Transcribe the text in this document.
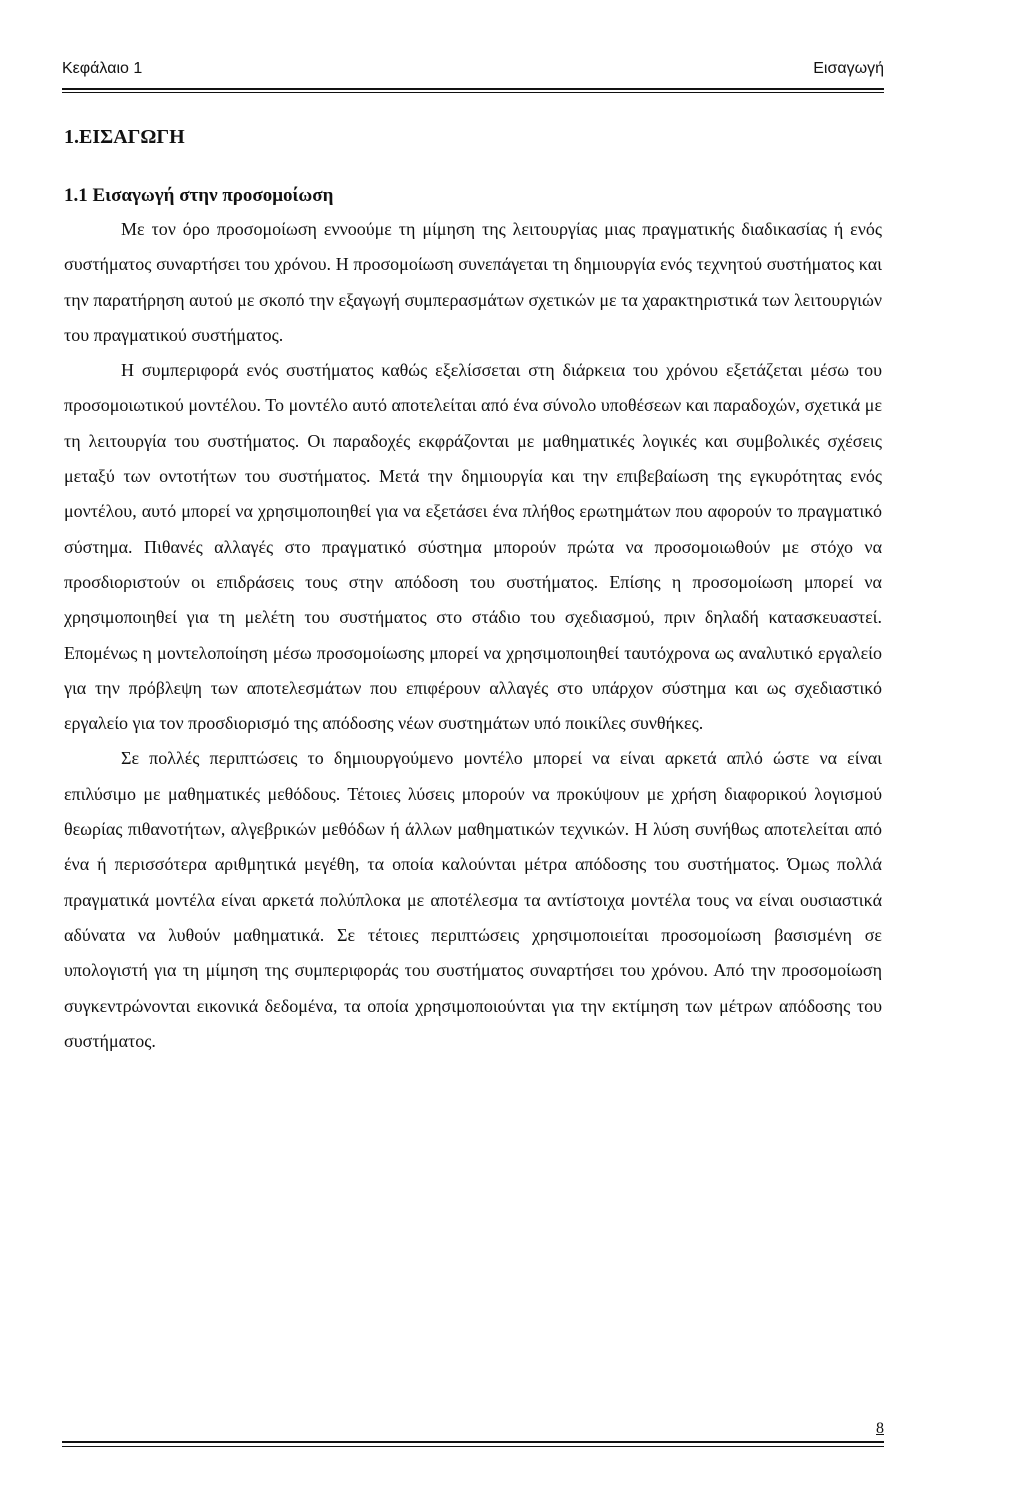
Κεφάλαιο 1	Εισαγωγή
1.ΕΙΣΑΓΩΓΗ
1.1 Εισαγωγή στην προσομοίωση

Με τον όρο προσομοίωση εννοούμε τη μίμηση της λειτουργίας μιας πραγματικής διαδικασίας ή ενός συστήματος συναρτήσει του χρόνου. Η προσομοίωση συνεπάγεται τη δημιουργία ενός τεχνητού συστήματος και την παρατήρηση αυτού με σκοπό την εξαγωγή συμπερασμάτων σχετικών με τα χαρακτηριστικά των λειτουργιών του πραγματικού συστήματος.

Η συμπεριφορά ενός συστήματος καθώς εξελίσσεται στη διάρκεια του χρόνου εξετάζεται μέσω του προσομοιωτικού μοντέλου. Το μοντέλο αυτό αποτελείται από ένα σύνολο υποθέσεων και παραδοχών, σχετικά με τη λειτουργία του συστήματος. Οι παραδοχές εκφράζονται με μαθηματικές λογικές και συμβολικές σχέσεις μεταξύ των οντοτήτων του συστήματος. Μετά την δημιουργία και την επιβεβαίωση της εγκυρότητας ενός μοντέλου, αυτό μπορεί να χρησιμοποιηθεί για να εξετάσει ένα πλήθος ερωτημάτων που αφορούν το πραγματικό σύστημα. Πιθανές αλλαγές στο πραγματικό σύστημα μπορούν πρώτα να προσομοιωθούν με στόχο να προσδιοριστούν οι επιδράσεις τους στην απόδοση του συστήματος. Επίσης η προσομοίωση μπορεί να χρησιμοποιηθεί για τη μελέτη του συστήματος στο στάδιο του σχεδιασμού, πριν δηλαδή κατασκευαστεί. Επομένως η μοντελοποίηση μέσω προσομοίωσης μπορεί να χρησιμοποιηθεί ταυτόχρονα ως αναλυτικό εργαλείο για την πρόβλεψη των αποτελεσμάτων που επιφέρουν αλλαγές στο υπάρχον σύστημα και ως σχεδιαστικό εργαλείο για τον προσδιορισμό της απόδοσης νέων συστημάτων υπό ποικίλες συνθήκες.

Σε πολλές περιπτώσεις το δημιουργούμενο μοντέλο μπορεί να είναι αρκετά απλό ώστε να είναι επιλύσιμο με μαθηματικές μεθόδους. Τέτοιες λύσεις μπορούν να προκύψουν με χρήση διαφορικού λογισμού θεωρίας πιθανοτήτων, αλγεβρικών μεθόδων ή άλλων μαθηματικών τεχνικών. Η λύση συνήθως αποτελείται από ένα ή περισσότερα αριθμητικά μεγέθη, τα οποία καλούνται μέτρα απόδοσης του συστήματος. Όμως πολλά πραγματικά μοντέλα είναι αρκετά πολύπλοκα με αποτέλεσμα τα αντίστοιχα μοντέλα τους να είναι ουσιαστικά αδύνατα να λυθούν μαθηματικά. Σε τέτοιες περιπτώσεις χρησιμοποιείται προσομοίωση βασισμένη σε υπολογιστή για τη μίμηση της συμπεριφοράς του συστήματος συναρτήσει του χρόνου. Από την προσομοίωση συγκεντρώνονται εικονικά δεδομένα, τα οποία χρησιμοποιούνται για την εκτίμηση των μέτρων απόδοσης του συστήματος.

8
